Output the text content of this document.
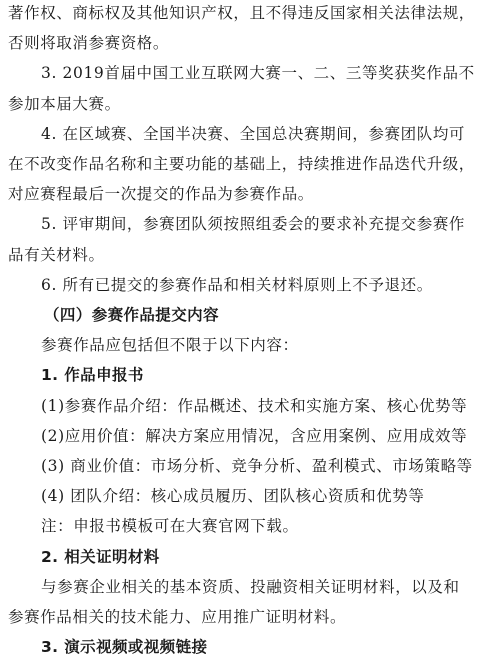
著作权、商标权及其他知识产权，且不得违反国家相关法律法规，
否则将取消参赛资格。
3. 2019首届中国工业互联网大赛一、二、三等奖获奖作品不
参加本届大赛。
4. 在区域赛、全国半决赛、全国总决赛期间，参赛团队均可
在不改变作品名称和主要功能的基础上，持续推进作品迭代升级，
对应赛程最后一次提交的作品为参赛作品。
5. 评审期间，参赛团队须按照组委会的要求补充提交参赛作
品有关材料。
6. 所有已提交的参赛作品和相关材料原则上不予退还。
（四）参赛作品提交内容
参赛作品应包括但不限于以下内容：
1. 作品申报书
(1)参赛作品介绍：作品概述、技术和实施方案、核心优势等
(2)应用价值：解决方案应用情况，含应用案例、应用成效等
(3) 商业价值：市场分析、竞争分析、盈利模式、市场策略等
(4) 团队介绍：核心成员履历、团队核心资质和优势等
注：申报书模板可在大赛官网下载。
2. 相关证明材料
与参赛企业相关的基本资质、投融资相关证明材料，以及和
参赛作品相关的技术能力、应用推广证明材料。
3. 演示视频或视频链接
